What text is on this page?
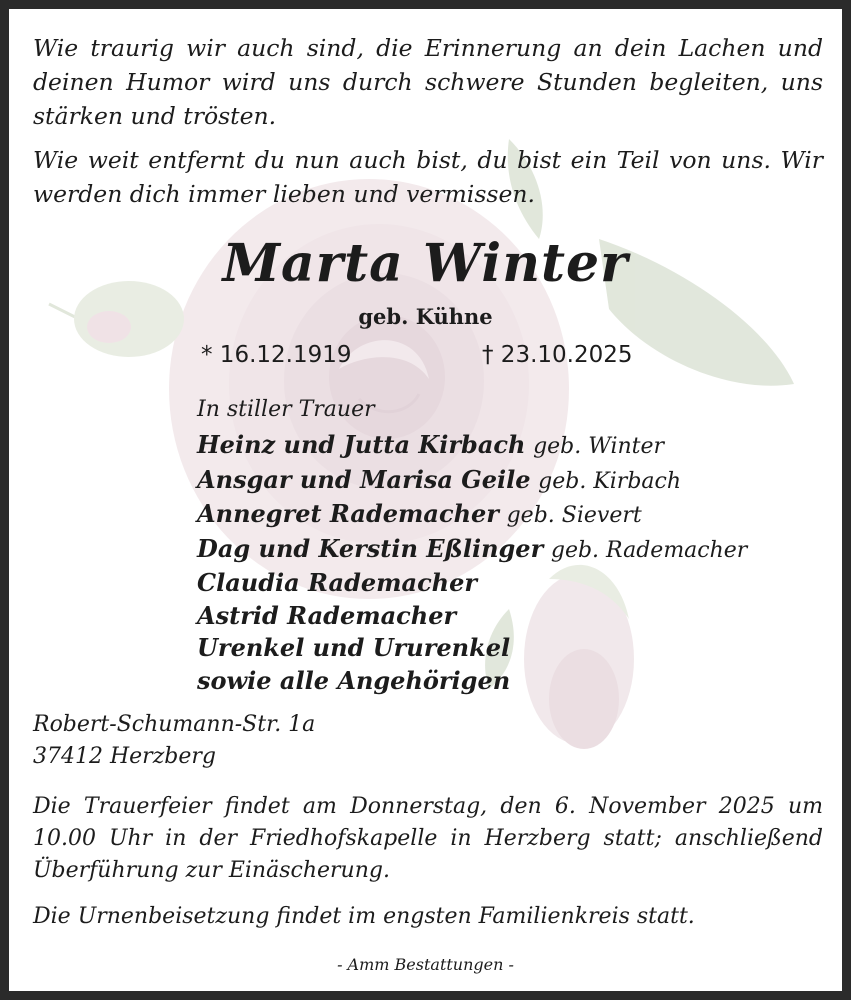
Wie traurig wir auch sind, die Erinnerung an dein Lachen und deinen Humor wird uns durch schwere Stunden begleiten, uns stärken und trösten.

Wie weit entfernt du nun auch bist, du bist ein Teil von uns. Wir werden dich immer lieben und vermissen.

Marta Winter
geb. Kühne
* 16.12.1919	† 23.10.2025
In stiller Trauer
Heinz und Jutta Kirbach geb. Winter
Ansgar und Marisa Geile geb. Kirbach
Annegret Rademacher geb. Sievert
Dag und Kerstin Eßlinger geb. Rademacher
Claudia Rademacher
Astrid Rademacher
Urenkel und Ururenkel
sowie alle Angehörigen
Robert-Schumann-Str. 1a
37412 Herzberg

Die Trauerfeier findet am Donnerstag, den 6. November 2025 um 10.00 Uhr in der Friedhofskapelle in Herzberg statt; anschließend Überführung zur Einäscherung.

Die Urnenbeisetzung findet im engsten Familienkreis statt.

- Amm Bestattungen -
